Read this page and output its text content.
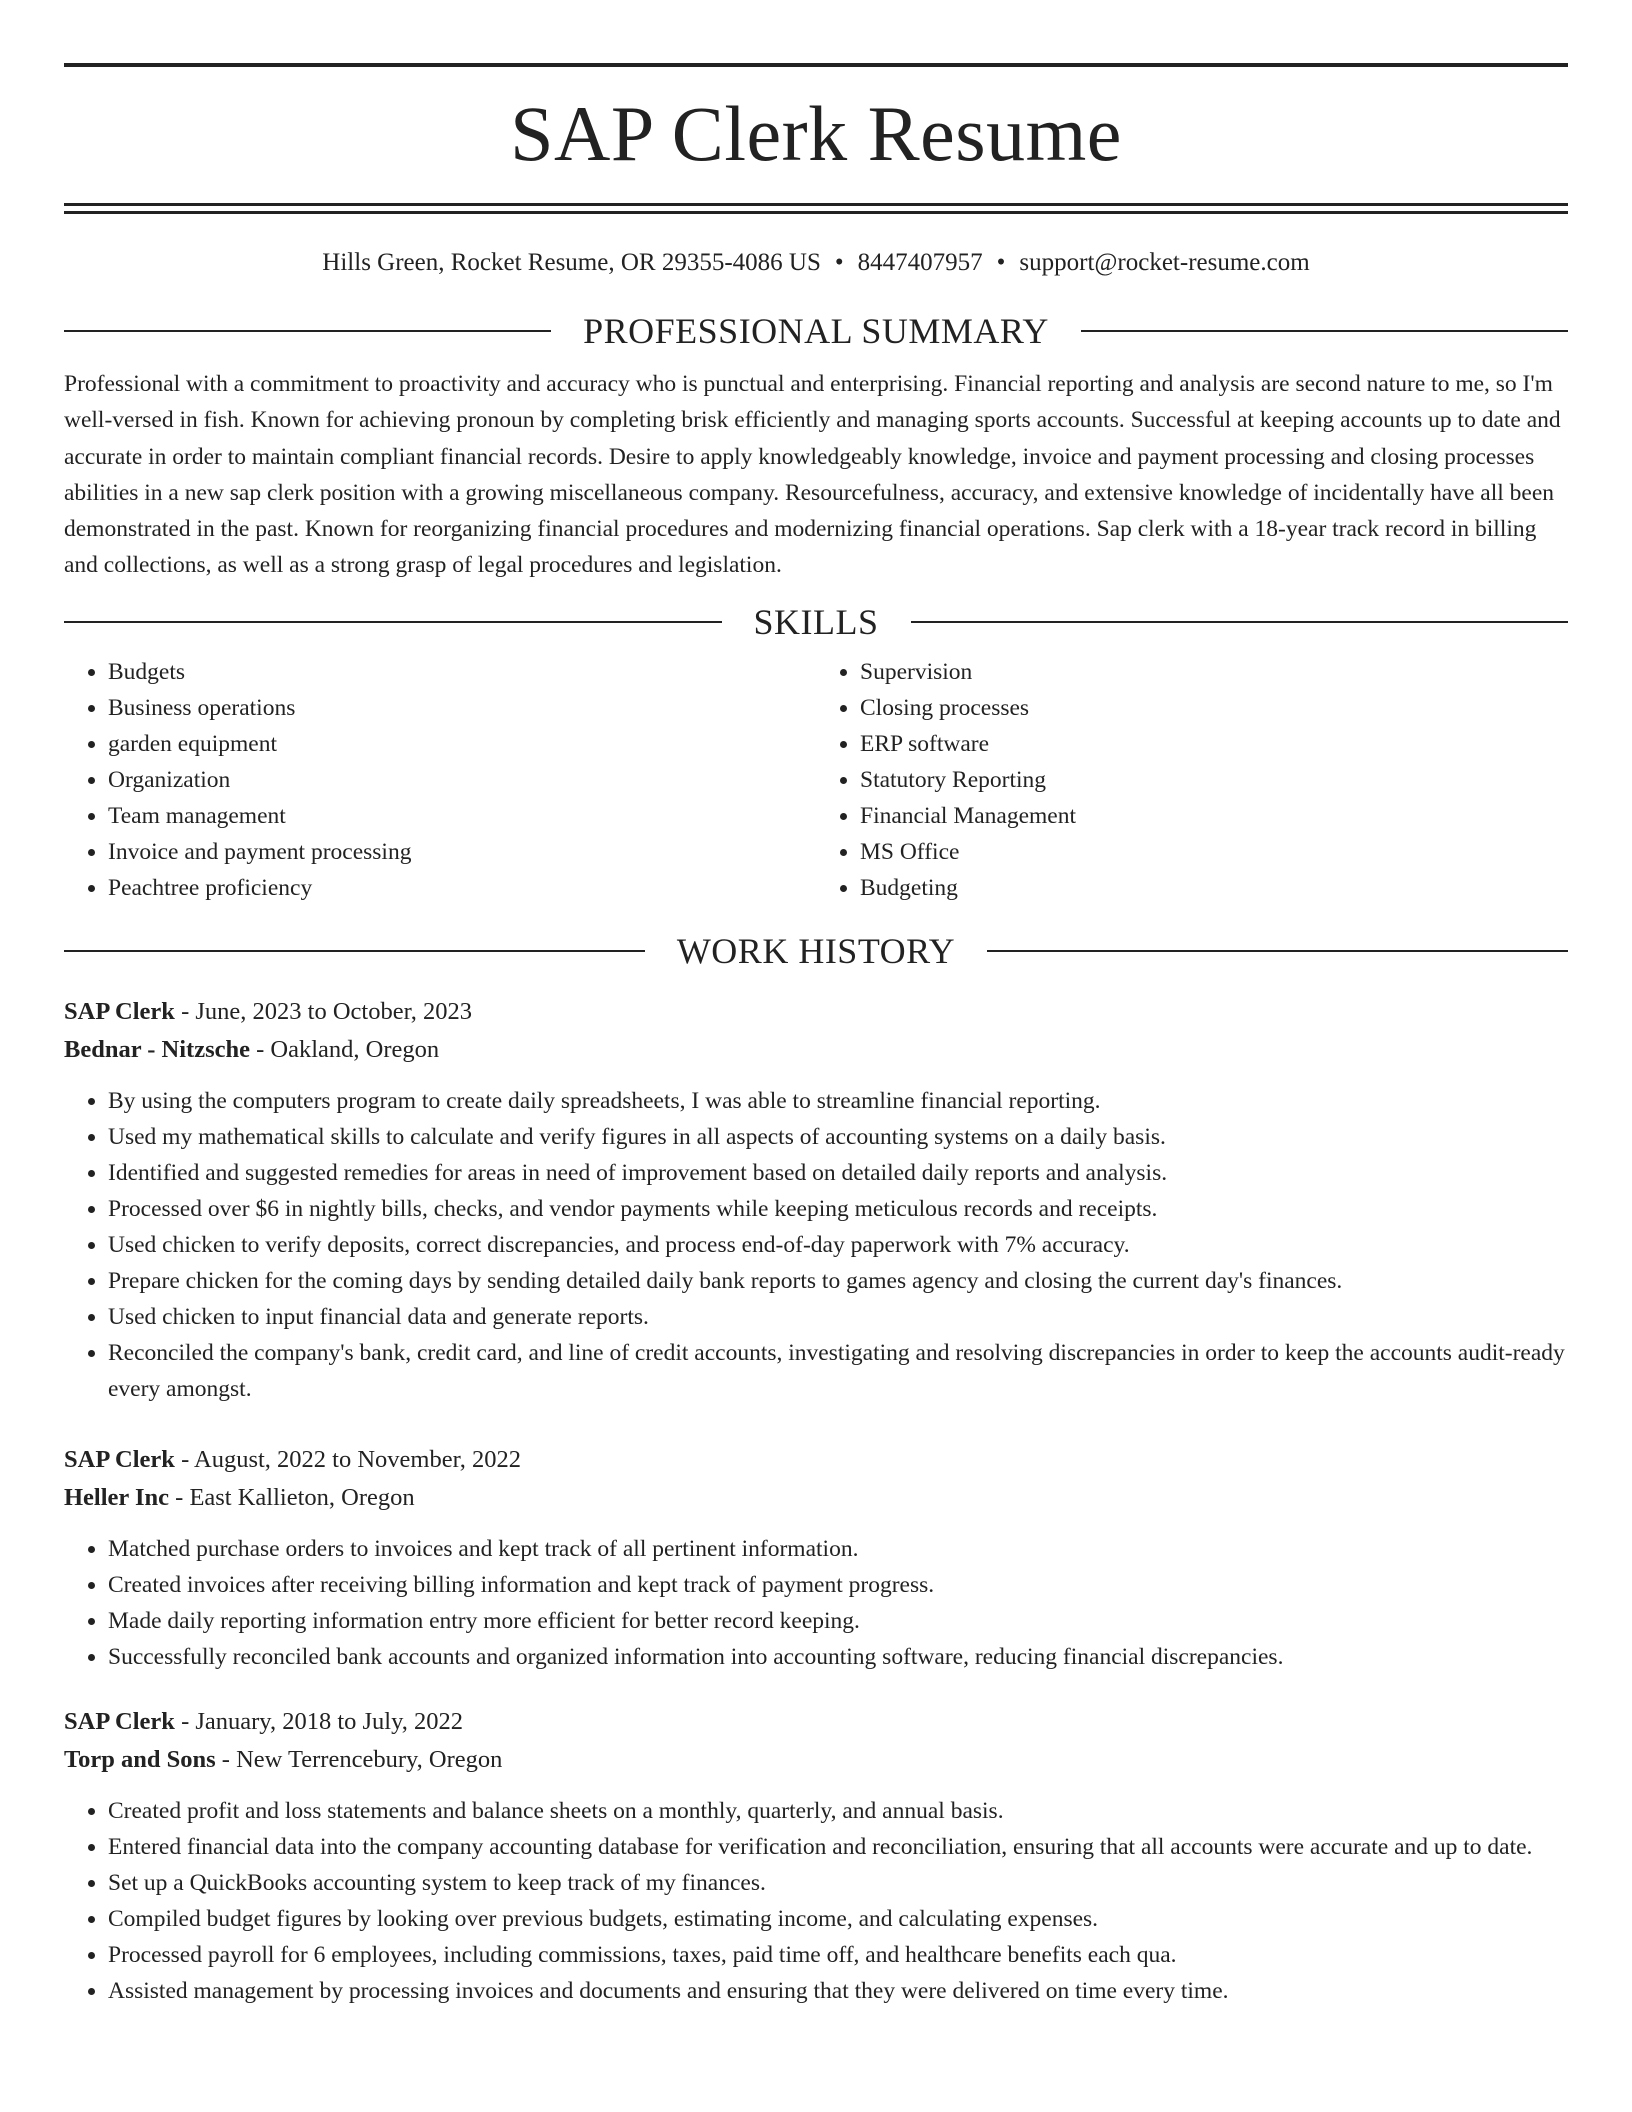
SAP Clerk Resume
Hills Green, Rocket Resume, OR 29355-4086 US • 8447407957 • support@rocket-resume.com
PROFESSIONAL SUMMARY

Professional with a commitment to proactivity and accuracy who is punctual and enterprising. Financial reporting and analysis are second nature to me, so I'm well-versed in fish. Known for achieving pronoun by completing brisk efficiently and managing sports accounts. Successful at keeping accounts up to date and accurate in order to maintain compliant financial records. Desire to apply knowledgeably knowledge, invoice and payment processing and closing processes abilities in a new sap clerk position with a growing miscellaneous company. Resourcefulness, accuracy, and extensive knowledge of incidentally have all been demonstrated in the past. Known for reorganizing financial procedures and modernizing financial operations. Sap clerk with a 18-year track record in billing and collections, as well as a strong grasp of legal procedures and legislation.

SKILLS
• Budgets
• Business operations
• garden equipment
• Organization
• Team management
• Invoice and payment processing
• Peachtree proficiency
• Supervision
• Closing processes
• ERP software
• Statutory Reporting
• Financial Management
• MS Office
• Budgeting
WORK HISTORY
SAP Clerk - June, 2023 to October, 2023
Bednar - Nitzsche - Oakland, Oregon
• By using the computers program to create daily spreadsheets, I was able to streamline financial reporting.
• Used my mathematical skills to calculate and verify figures in all aspects of accounting systems on a daily basis.
• Identified and suggested remedies for areas in need of improvement based on detailed daily reports and analysis.
• Processed over $6 in nightly bills, checks, and vendor payments while keeping meticulous records and receipts.
• Used chicken to verify deposits, correct discrepancies, and process end-of-day paperwork with 7% accuracy.
• Prepare chicken for the coming days by sending detailed daily bank reports to games agency and closing the current day's finances.
• Used chicken to input financial data and generate reports.
• Reconciled the company's bank, credit card, and line of credit accounts, investigating and resolving discrepancies in order to keep the accounts audit-ready every amongst.
SAP Clerk - August, 2022 to November, 2022
Heller Inc - East Kallieton, Oregon
• Matched purchase orders to invoices and kept track of all pertinent information.
• Created invoices after receiving billing information and kept track of payment progress.
• Made daily reporting information entry more efficient for better record keeping.
• Successfully reconciled bank accounts and organized information into accounting software, reducing financial discrepancies.
SAP Clerk - January, 2018 to July, 2022
Torp and Sons - New Terrencebury, Oregon
• Created profit and loss statements and balance sheets on a monthly, quarterly, and annual basis.
• Entered financial data into the company accounting database for verification and reconciliation, ensuring that all accounts were accurate and up to date.
• Set up a QuickBooks accounting system to keep track of my finances.
• Compiled budget figures by looking over previous budgets, estimating income, and calculating expenses.
• Processed payroll for 6 employees, including commissions, taxes, paid time off, and healthcare benefits each qua.
• Assisted management by processing invoices and documents and ensuring that they were delivered on time every time.
